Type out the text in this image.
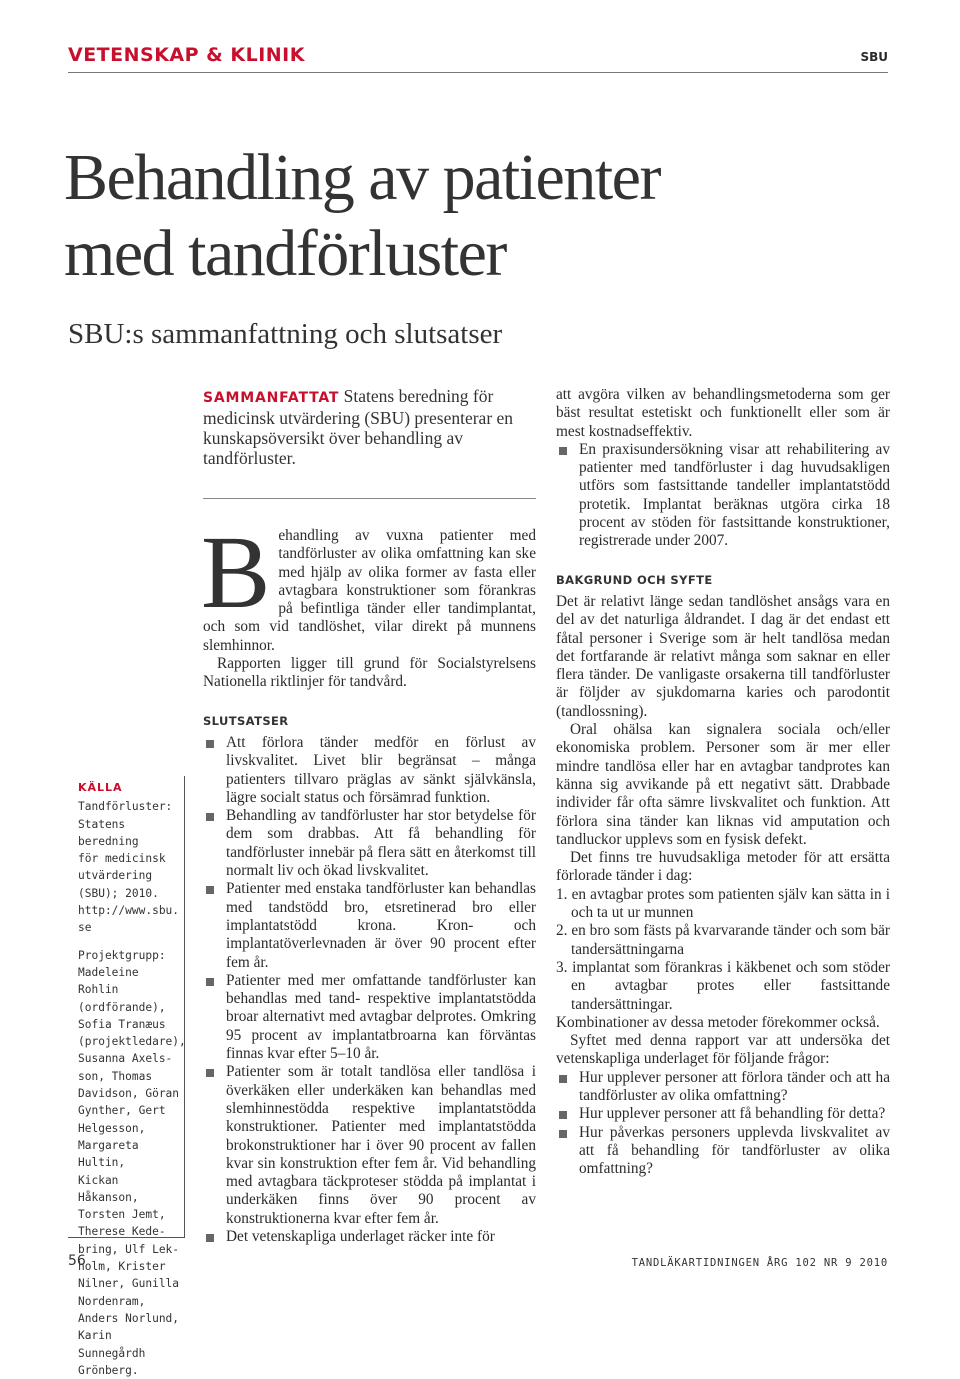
VETENSKAP & KLINIK	SBU
Behandling av patienter
med tandförluster
SBU:s sammanfattning och slutsatser
KÄLLA

Tandförluster:
Statens beredning
för medicinsk
utvärdering
(SBU); 2010.
http://www.sbu.
se

Projektgrupp:
Madeleine Rohlin
(ordförande),
Sofia Tranæus
(projektledare),
Susanna Axels-
son, Thomas
Davidson, Göran
Gynther, Gert
Helgesson,
Margareta Hultin,
Kickan Håkanson,
Torsten Jemt,
Therese Kede-
bring, Ulf Lek-
holm, Krister
Nilner, Gunilla
Nordenram,
Anders Norlund,
Karin Sunnegårdh
Grönberg.

SAMMANFATTAT Statens beredning för medicinsk utvärdering (SBU) presenterar en kunskapsöversikt över behandling av tandförluster.

Behandling av vuxna patienter med tandförluster av olika omfattning kan ske med hjälp av olika former av fasta eller avtagbara konstruktioner som förankras på befintliga tänder eller tandimplantat, och som vid tandlöshet, vilar direkt på munnens slemhinnor.

Rapporten ligger till grund för Socialstyrelsens Nationella riktlinjer för tandvård.

SLUTSATSER
Att förlora tänder medför en förlust av livskvalitet. Livet blir begränsat – många patienters tillvaro präglas av sänkt självkänsla, lägre socialt status och försämrad funktion.
Behandling av tandförluster har stor betydelse för dem som drabbas. Att få behandling för tandförluster innebär på flera sätt en återkomst till normalt liv och ökad livskvalitet.
Patienter med enstaka tandförluster kan behandlas med tandstödd bro, etsretinerad bro eller implantatstödd krona. Kron- och implantatöverlevnaden är över 90 procent efter fem år.
Patienter med mer omfattande tandförluster kan behandlas med tand- respektive implantatstödda broar alternativt med avtagbar delprotes. Omkring 95 procent av implantatbroarna kan förväntas finnas kvar efter 5–10 år.
Patienter som är totalt tandlösa eller tandlösa i överkäken eller underkäken kan behandlas med slemhinnestödda respektive implantatstödda konstruktioner. Patienter med implantatstödda brokonstruktioner har i över 90 procent av fallen kvar sin konstruktion efter fem år. Vid behandling med avtagbara täckproteser stödda på implantat i underkäken finns över 90 procent av konstruktionerna kvar efter fem år.
Det vetenskapliga underlaget räcker inte för

att avgöra vilken av behandlingsmetoderna som ger bäst resultat estetiskt och funktionellt eller som är mest kostnadseffektiv.

En praxisundersökning visar att rehabilitering av patienter med tandförluster i dag huvudsakligen utförs som fastsittande tandeller implantatstödd protetik. Implantat beräknas utgöra cirka 18 procent av stöden för fastsittande konstruktioner, registrerade under 2007.
BAKGRUND OCH SYFTE

Det är relativt länge sedan tandlöshet ansågs vara en del av det naturliga åldrandet. I dag är det endast ett fåtal personer i Sverige som är helt tandlösa medan det fortfarande är relativt många som saknar en eller flera tänder. De vanligaste orsakerna till tandförluster är följder av sjukdomarna karies och parodontit (tandlossning).

Oral ohälsa kan signalera sociala och/eller ekonomiska problem. Personer som är mer eller mindre tandlösa eller har en avtagbar tandprotes kan känna sig avvikande på ett negativt sätt. Drabbade individer får ofta sämre livskvalitet och funktion. Att förlora sina tänder kan liknas vid amputation och tandluckor upplevs som en fysisk defekt.

Det finns tre huvudsakliga metoder för att ersätta förlorade tänder i dag:

1. en avtagbar protes som patienten själv kan sätta in i och ta ut ur munnen
2. en bro som fästs på kvarvarande tänder och som bär tandersättningarna
3. implantat som förankras i käkbenet och som stöder en avtagbar protes eller fastsittande tandersättningar.

Kombinationer av dessa metoder förekommer också.

Syftet med denna rapport var att undersöka det vetenskapliga underlaget för följande frågor:

Hur upplever personer att förlora tänder och att ha tandförluster av olika omfattning?
Hur upplever personer att få behandling för detta?
Hur påverkas personers upplevda livskvalitet av att få behandling för tandförluster av olika omfattning?
56	TANDLÄKARTIDNINGEN ÅRG 102 NR 9 2010
